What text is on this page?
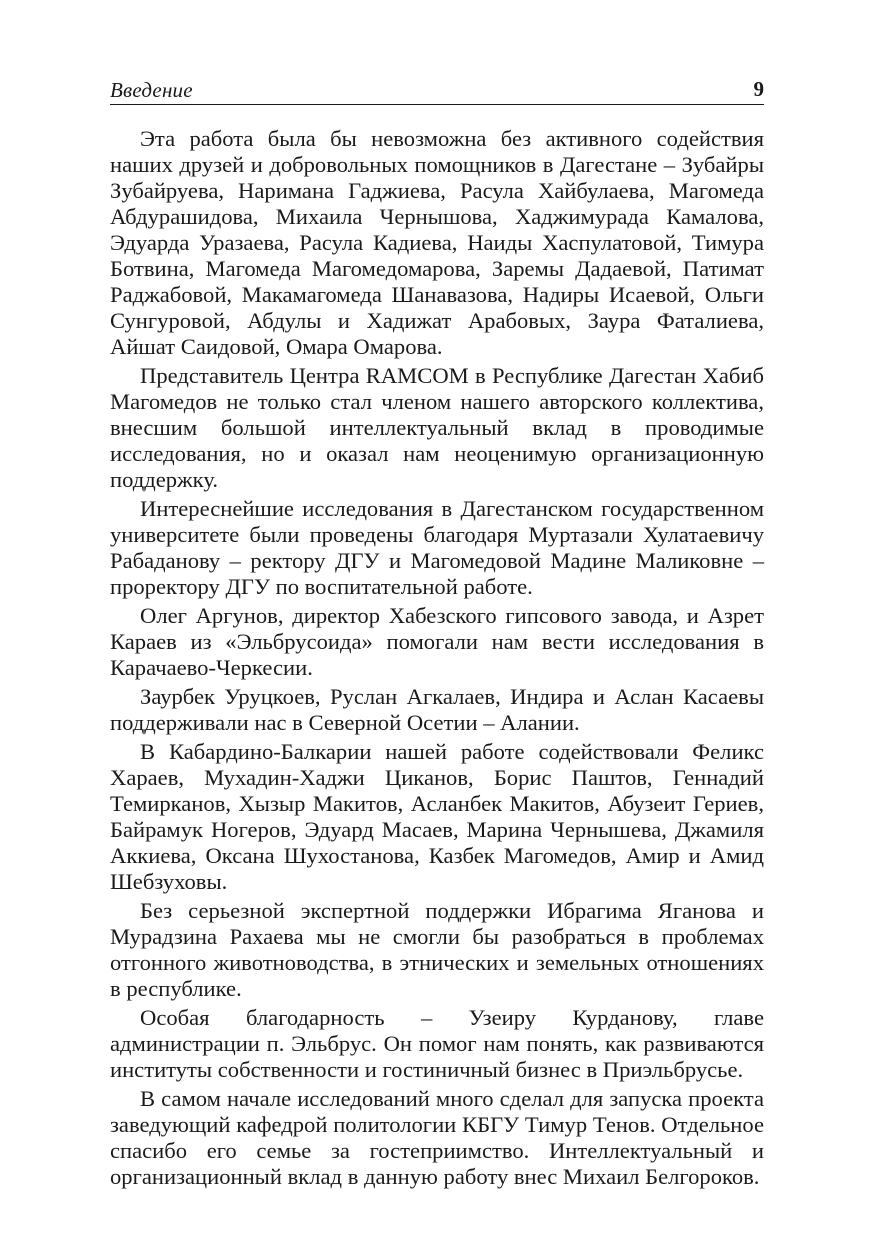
Введение	9

Эта работа была бы невозможна без активного содействия наших друзей и добровольных помощников в Дагестане – Зубайры Зубайруева, Наримана Гаджиева, Расула Хайбулаева, Магомеда Абдурашидова, Михаила Чернышова, Хаджимурада Камалова, Эдуарда Уразаева, Расула Кадиева, Наиды Хаспулатовой, Тимура Ботвина, Магомеда Магомедомарова, Заремы Дадаевой, Патимат Раджабовой, Макамагомеда Шанавазова, Надиры Исаевой, Ольги Сунгуровой, Абдулы и Хадижат Арабовых, Заура Фаталиева, Айшат Саидовой, Омара Омарова.

Представитель Центра RAMCOM в Республике Дагестан Хабиб Магомедов не только стал членом нашего авторского коллектива, внесшим большой интеллектуальный вклад в проводимые исследования, но и оказал нам неоценимую организационную поддержку.

Интереснейшие исследования в Дагестанском государственном университете были проведены благодаря Муртазали Хулатаевичу Рабаданову – ректору ДГУ и Магомедовой Мадине Маликовне – проректору ДГУ по воспитательной работе.

Олег Аргунов, директор Хабезского гипсового завода, и Азрет Караев из «Эльбрусоида» помогали нам вести исследования в Карачаево-Черкесии.

Заурбек Уруцкоев, Руслан Агкалаев, Индира и Аслан Касаевы поддерживали нас в Северной Осетии – Алании.

В Кабардино-Балкарии нашей работе содействовали Феликс Хараев, Мухадин-Хаджи Циканов, Борис Паштов, Геннадий Темирканов, Хызыр Макитов, Асланбек Макитов, Абузеит Гериев, Байрамук Ногеров, Эдуард Масаев, Марина Чернышева, Джамиля Аккиева, Оксана Шухостанова, Казбек Магомедов, Амир и Амид Шебзуховы.

Без серьезной экспертной поддержки Ибрагима Яганова и Мурадзина Рахаева мы не смогли бы разобраться в проблемах отгонного животноводства, в этнических и земельных отношениях в республике.

Особая благодарность – Узеиру Курданову, главе администрации п. Эльбрус. Он помог нам понять, как развиваются институты собственности и гостиничный бизнес в Приэльбрусье.

В самом начале исследований много сделал для запуска проекта заведующий кафедрой политологии КБГУ Тимур Тенов. Отдельное спасибо его семье за гостеприимство. Интеллектуальный и организационный вклад в данную работу внес Михаил Белгороков.
